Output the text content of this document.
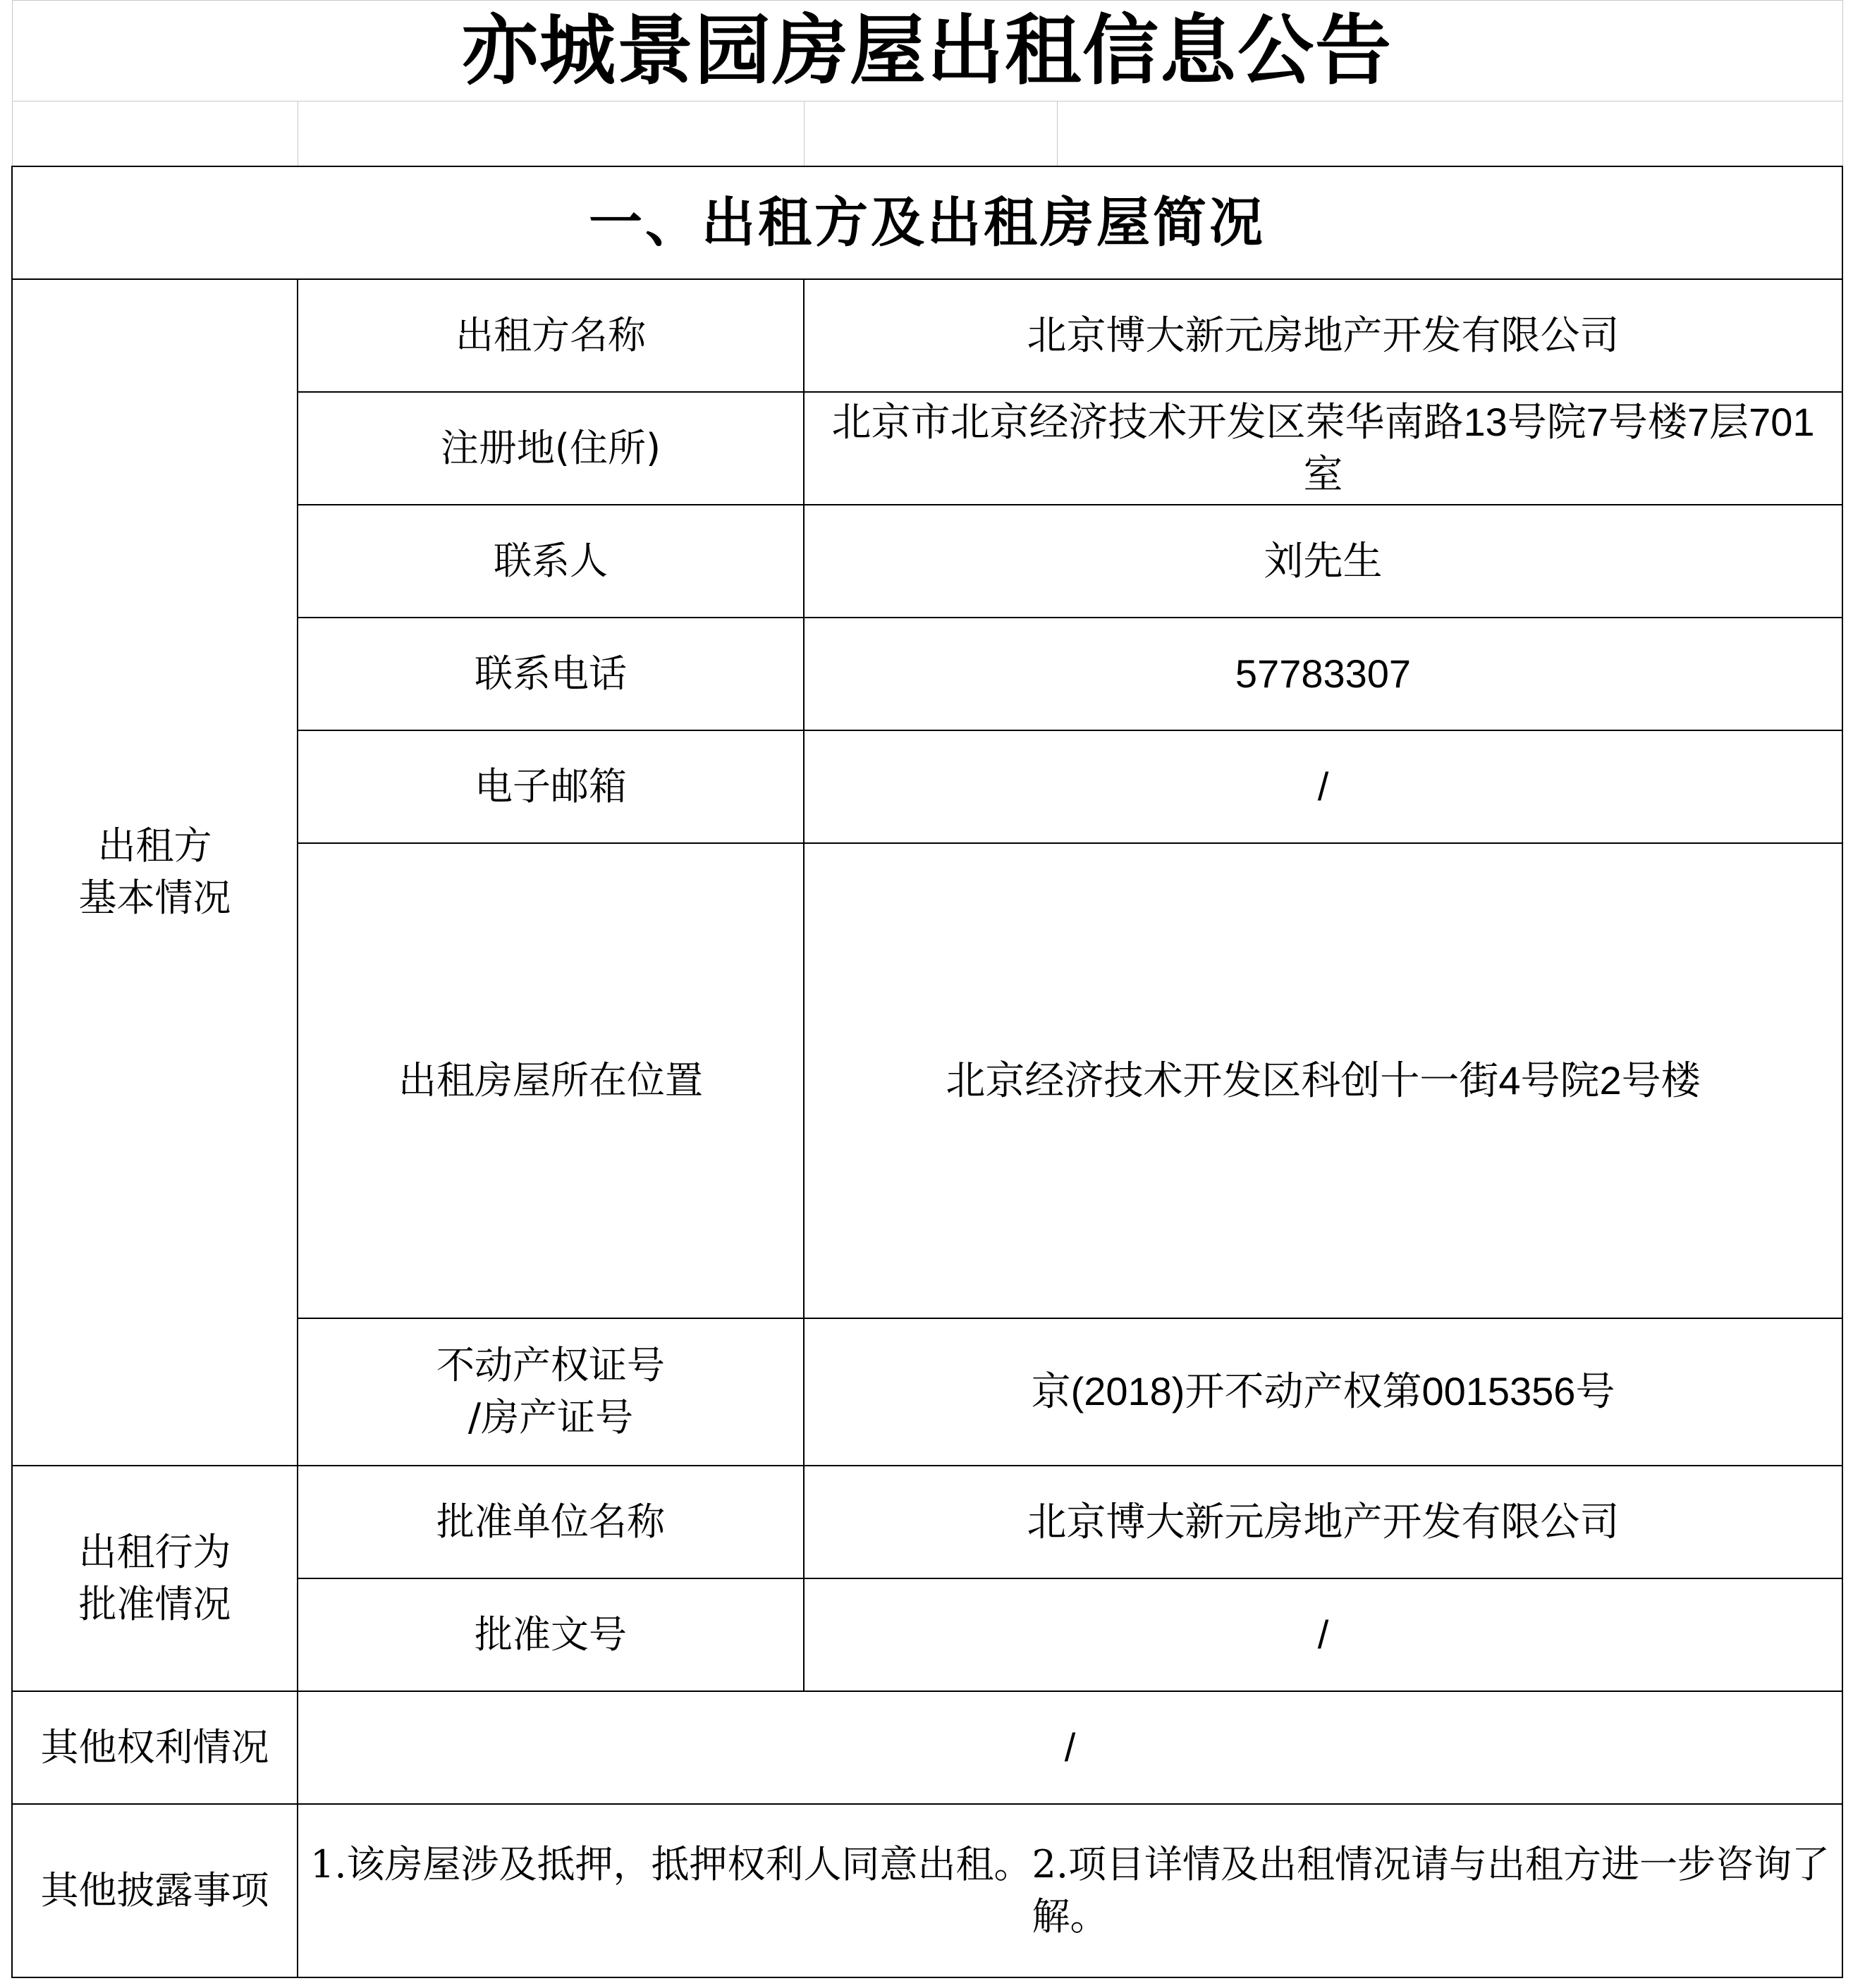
亦城景园房屋出租信息公告			

一、出租方及出租房屋简况			

出租方
基本情况	出租方名称	北京博大新元房地产开发有限公司	
	注册地(住所)	北京市北京经济技术开发区荣华南路13号院7号楼7层701室	
	联系人	刘先生	
	联系电话	57783307	
	电子邮箱	/	
	出租房屋所在位置	北京经济技术开发区科创十一街4号院2号楼	

	不动产权证号
/房产证号	京(2018)开不动产权第0015356号	

出租行为
批准情况	批准单位名称	北京博大新元房地产开发有限公司	
	批准文号	/	
其他权利情况	/		
其他披露事项	1.该房屋涉及抵押，抵押权利人同意出租。2.项目详情及出租情况请与出租方进一步咨询了解。		
